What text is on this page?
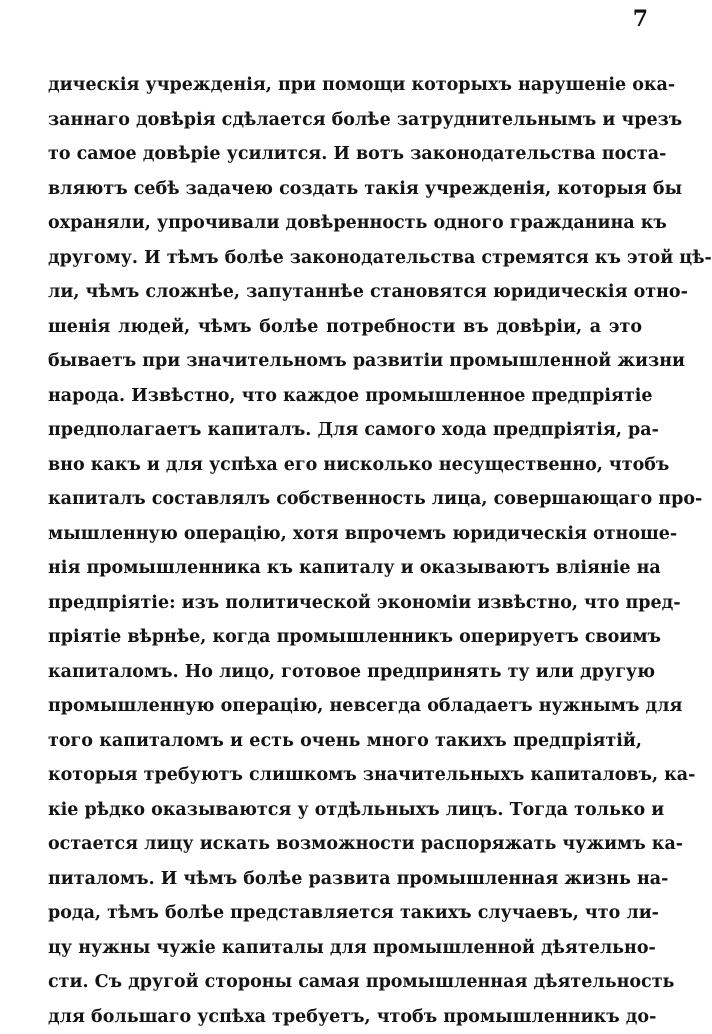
7
дическія учрежденія, при помощи которыхъ нарушеніе ока-
заннаго довѣрія сдѣлается болѣе затруднительнымъ и чрезъ
то самое довѣріе усилится. И вотъ законодательства поста-
вляютъ себѣ задачею создать такія учрежденія, которыя бы
охраняли, упрочивали довѣренность одного гражданина къ
другому. И тѣмъ болѣе законодательства стремятся къ этой цѣ-
ли, чѣмъ сложнѣе, запутаннѣе становятся юридическія отно-
шенія людей, чѣмъ болѣе потребности въ довѣріи, а это
бываетъ при значительномъ развитіи промышленной жизни
народа. Извѣстно, что каждое промышленное предпріятіе
предполагаетъ капиталъ. Для самого хода предпріятія, ра-
вно какъ и для успѣха его нисколько несущественно, чтобъ
капиталъ составлялъ собственность лица, совершающаго про-
мышленную операцію, хотя впрочемъ юридическія отноше-
нія промышленника къ капиталу и оказываютъ вліяніе на
предпріятіе: изъ политической экономіи извѣстно, что пред-
пріятіе вѣрнѣе, когда промышленникъ оперируетъ своимъ
капиталомъ. Но лицо, готовое предпринять ту или другую
промышленную операцію, невсегда обладаетъ нужнымъ для
того капиталомъ и есть очень много такихъ предпріятій,
которыя требуютъ слишкомъ значительныхъ капиталовъ, ка-
кіе рѣдко оказываются у отдѣльныхъ лицъ. Тогда только и
остается лицу искать возможности распоряжать чужимъ ка-
питаломъ. И чѣмъ болѣе развита промышленная жизнь на-
рода, тѣмъ болѣе представляется такихъ случаевъ, что ли-
цу нужны чужіе капиталы для промышленной дѣятельно-
сти. Съ другой стороны самая промышленная дѣятельность
для большаго успѣха требуетъ, чтобъ промышленникъ до-
